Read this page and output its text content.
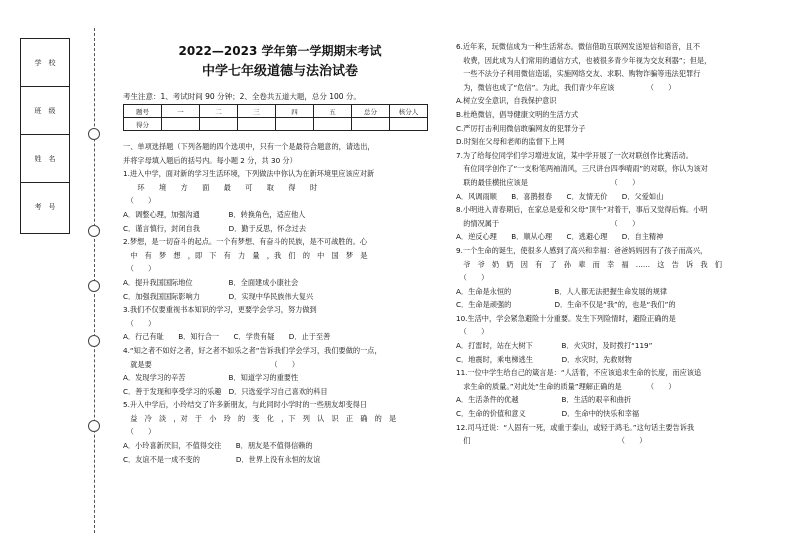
学　校
班　级
姓　名
考　号
2022—2023 学年第一学期期末考试
中学七年级道德与法治试卷
考生注意：1、考试时间 90 分钟；2、全卷共五道大题，总分 100 分。
题号	一	二	三	四	五	总分	核分人
得分							

一、单项选择题（下列各题的四个选项中，只有一个是最符合题意的，请选出，

并将字母填入题后的括号内。每小题 2 分，共 30 分）

1.进入中学，面对新的学习生活环境，下列做法中你认为在新环境里应该应对新

　　环　　境　　方　　面　　最　　可　　取　　得　　时

　（　　）

A．调整心理，加强沟通　　　　B．转换角色，适应他人

C．谨言慎行，封闭自我　　　　D．勤于反思，怀念过去

2.梦想，是一切奋斗的起点。一个有梦想、有奋斗的民族，是不可战胜的。心

　中　有　梦　想　，即　下　有　力　量　，我　们　的　中　国　梦　是

　（　　）

A．提升我国国际地位　　　　　B．全面建成小康社会

C．加强我国国际影响力　　　　D．实现中华民族伟大复兴

3.我们不仅要重视书本知识的学习，更要学会学习，努力做到

　（　　）

A．行己有耻　　B．知行合一　　C．学贵有疑　　D．止于至善

4.“知之者不如好之者，好之者不如乐之者”告诉我们学会学习，我们要做的一点，

　就是要　　　　　　　　　　　　　　　　　（　　）

A．发现学习的辛苦　　　　　　B．知道学习的重要性

C．善于发现和享受学习的乐趣　D．只选爱学习自己喜欢的科目

5.升入中学后，小玲结交了许多新朋友，与此同时小学时的一些朋友却变得日

　益　冷　淡　，对　于　小　玲　的　变　化　，下　列　认　识　正　确　的　是

　（　　）

A．小玲喜新厌旧，不值得交往　　B．朋友是不值得信赖的

C．友谊不是一成不变的　　　　　D．世界上没有永恒的友谊

6.近年来，玩微信成为一种生活常态。微信借助互联网发送短信和语音，且不

　收费，因此成为人们常用的通信方式，也被很多青少年视为交友利器”；但是，

　一些不法分子利用微信造谣，实施网络交友、求职、购物诈骗等违法犯罪行

　为，微信也成了“危信”。为此，我们青少年应该　　　　　（　　）

A.树立安全意识，自我保护意识

B.杜绝微信，倡导健康文明的生活方式

C.严厉打击利用微信敢骗网友的犯罪分子

D.时刻在父母和老师的监督下上网

7.为了给每位同学们学习增进友谊，某中学开展了一次对联创作比赛活动。

　有位同学创作了“一支粉笔两袖清风，三尺讲台四季晴雨”的对联，你认为该对

　联的最佳横批应该是　　　　　　　　　　　　（　　）

A．风调雨顺　　B．喜鹊报春　　C．友情无价　　D．父爱如山

8.小明进入青春期后，在家总是爱和父母“顶牛”对着干，事后又觉得后悔。小明

　的情况属于　　　　　　　　　　　　　　　　（　　）

A．逆反心理　　B．顺从心理　　C．逃避心理　　D．自主精神

9.一个生命的诞生，使很多人感到了高兴和幸福：爸爸妈妈因有了孩子而高兴，

　爷　爷　奶　奶　因　有　了　孙　辈　而　幸　福　……　这　告　诉　我　们

　（　　）

A．生命是永恒的　　　　　　B．人人都无法把握生命发展的规律

C．生命是顽强的　　　　　　D．生命不仅是“我”的，也是“我们”的

10.生活中，学会紧急避险十分重要。发生下列险情时，避险正确的是

　（　　）

A．打雷时，站在大树下　　　　B．火灾时，及时拨打“119”

C．地震时，乘电梯逃生　　　　D．水灾时，先救财物

11.一位中学生给自己的箴言是：“人活着，不应该追求生命的长度，而应该追

　求生命的质量。”对此处“生命的质量”理解正确的是　　　　（　　）

A．生活条件的优越　　　　　　B．生活的艰辛和曲折

C．生命的价值和意义　　　　　D．生命中的快乐和幸福

12.司马迁说：“人固有一死，或重于泰山，或轻于鸿毛。”这句话主要告诉我

　们　　　　　　　　　　　　　　　　　　　　　（　　）
